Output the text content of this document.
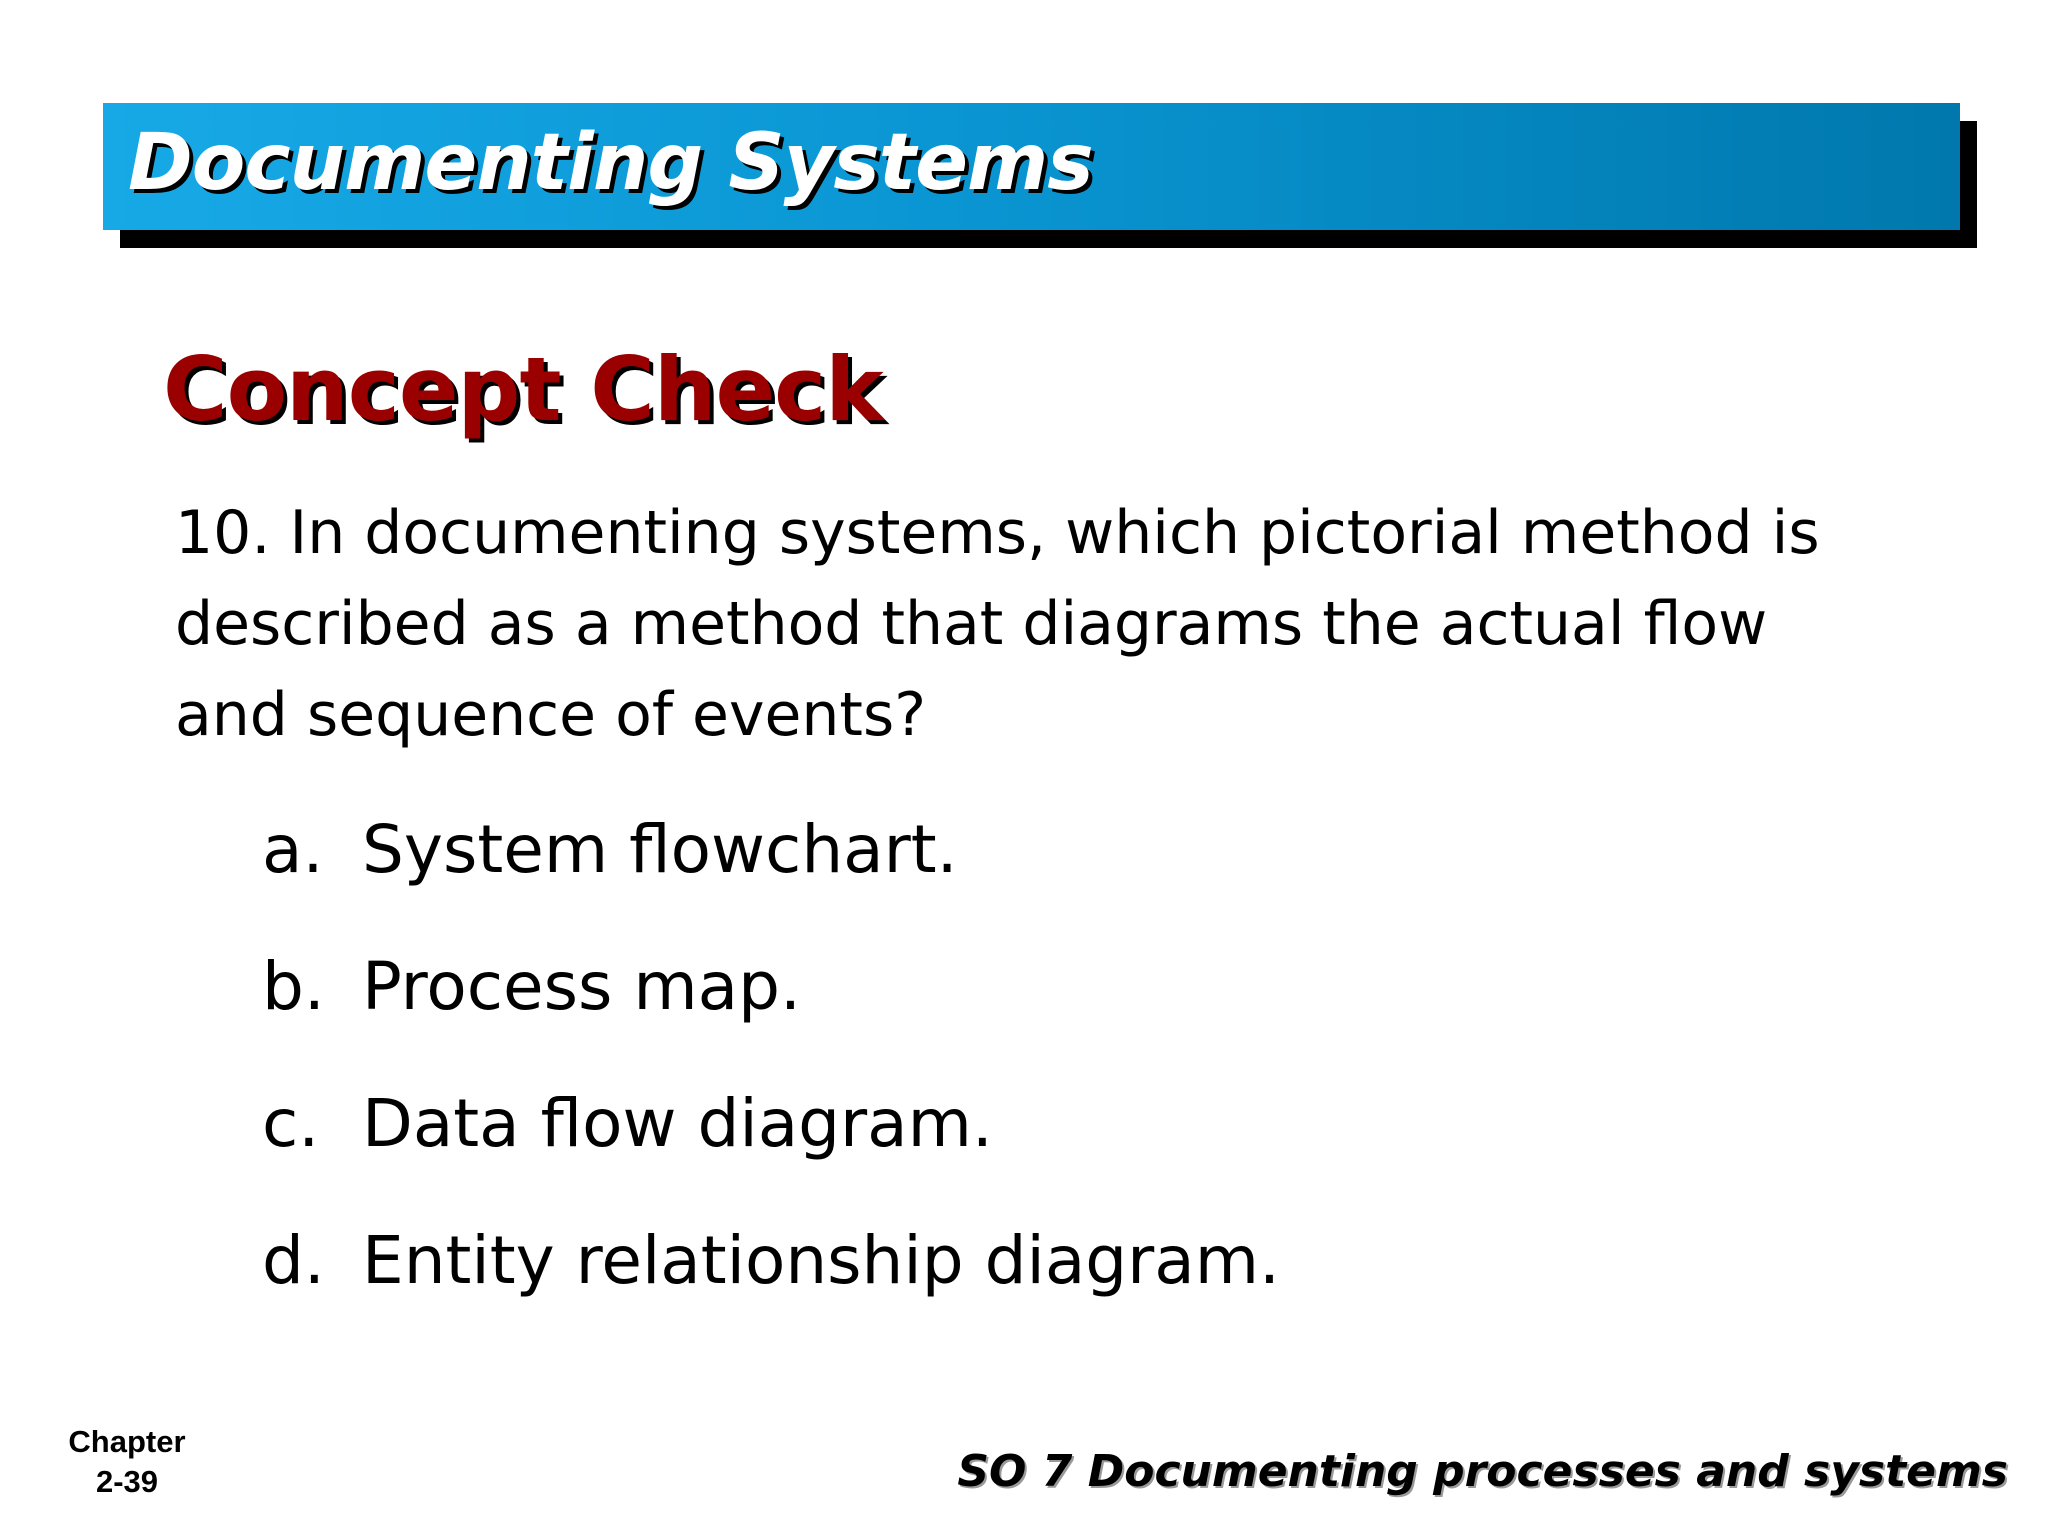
Documenting Systems
Concept Check
10. In documenting systems, which pictorial method is described as a method that diagrams the actual flow and sequence of events?
a. System flowchart.
b. Process map.
c. Data flow diagram.
d. Entity relationship diagram.
Chapter
2-39	SO 7 Documenting processes and systems
